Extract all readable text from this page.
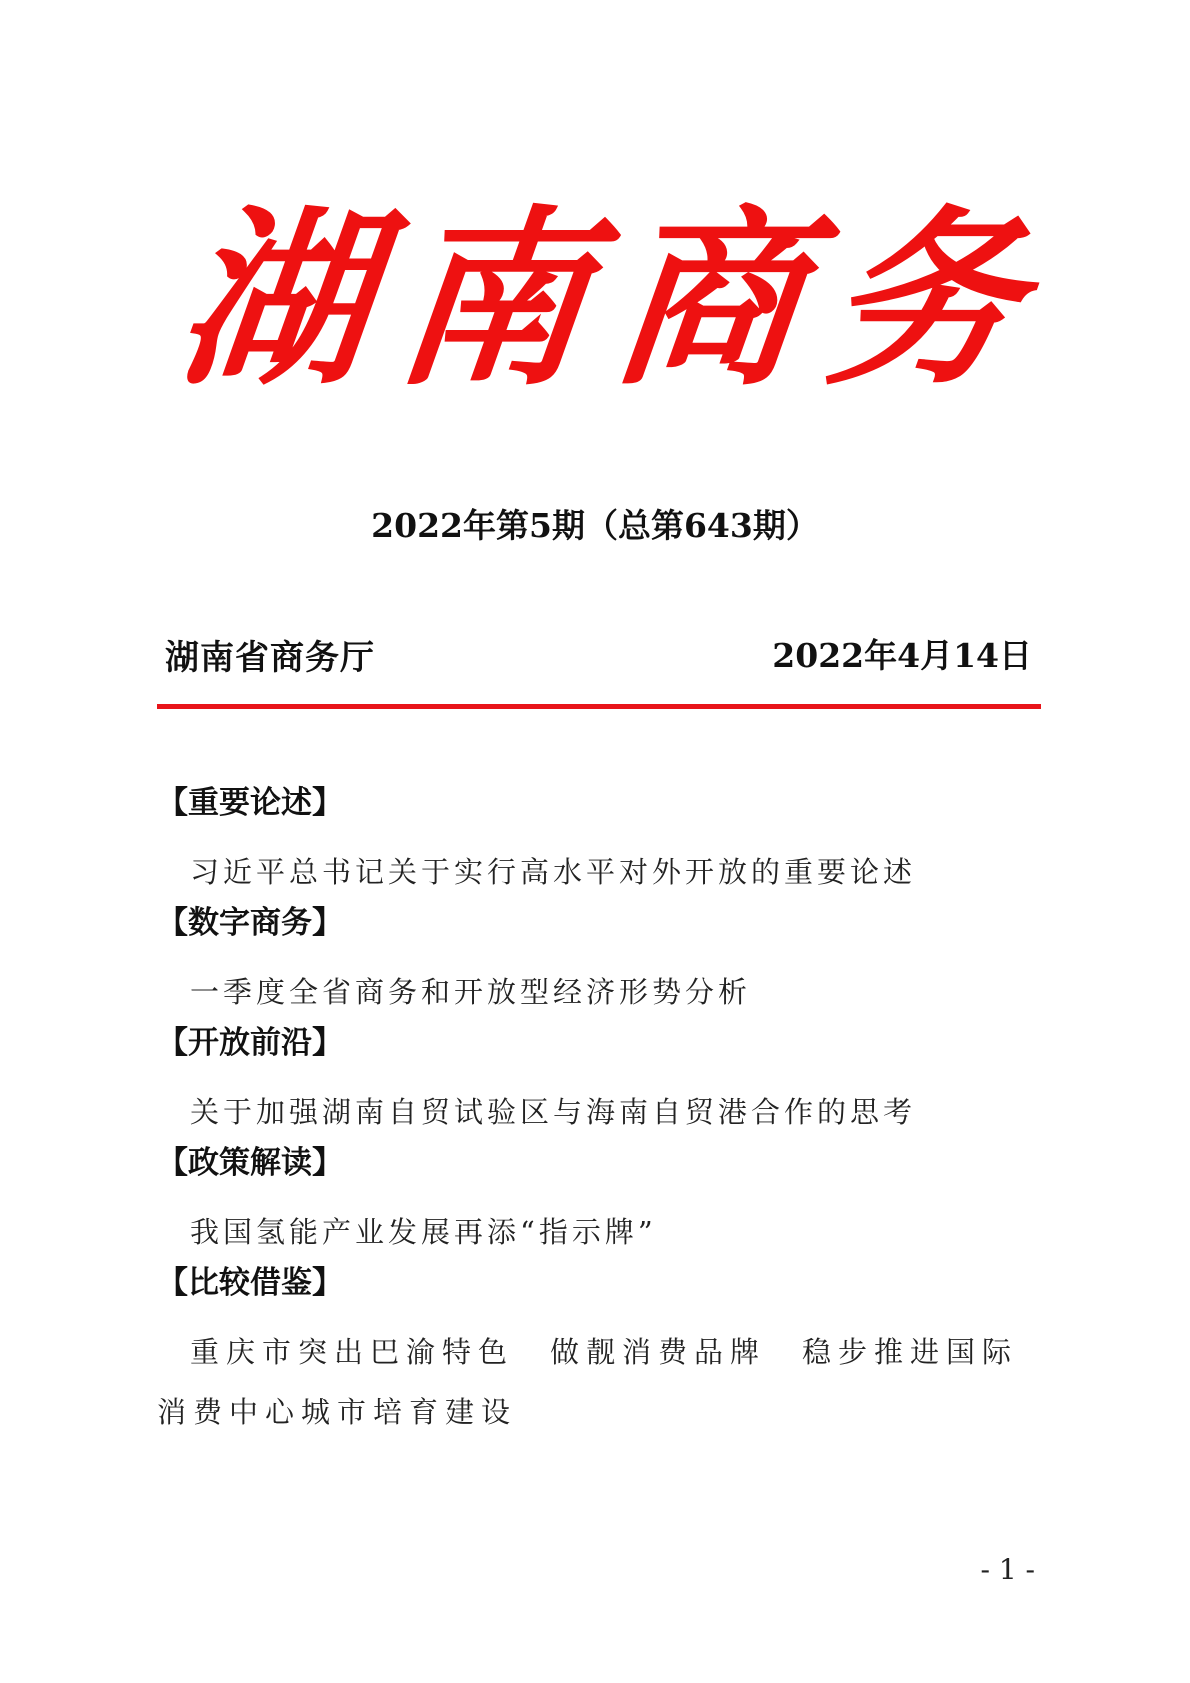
湖 南 商 务
2022年第5期（总第643期）
湖南省商务厅	2022年4月14日
【重要论述】
习近平总书记关于实行高水平对外开放的重要论述
【数字商务】
一季度全省商务和开放型经济形势分析
【开放前沿】
关于加强湖南自贸试验区与海南自贸港合作的思考
【政策解读】
我国氢能产业发展再添“指示牌”
【比较借鉴】
重庆市突出巴渝特色　做靓消费品牌　稳步推进国际消费中心城市培育建设
- 1 -
